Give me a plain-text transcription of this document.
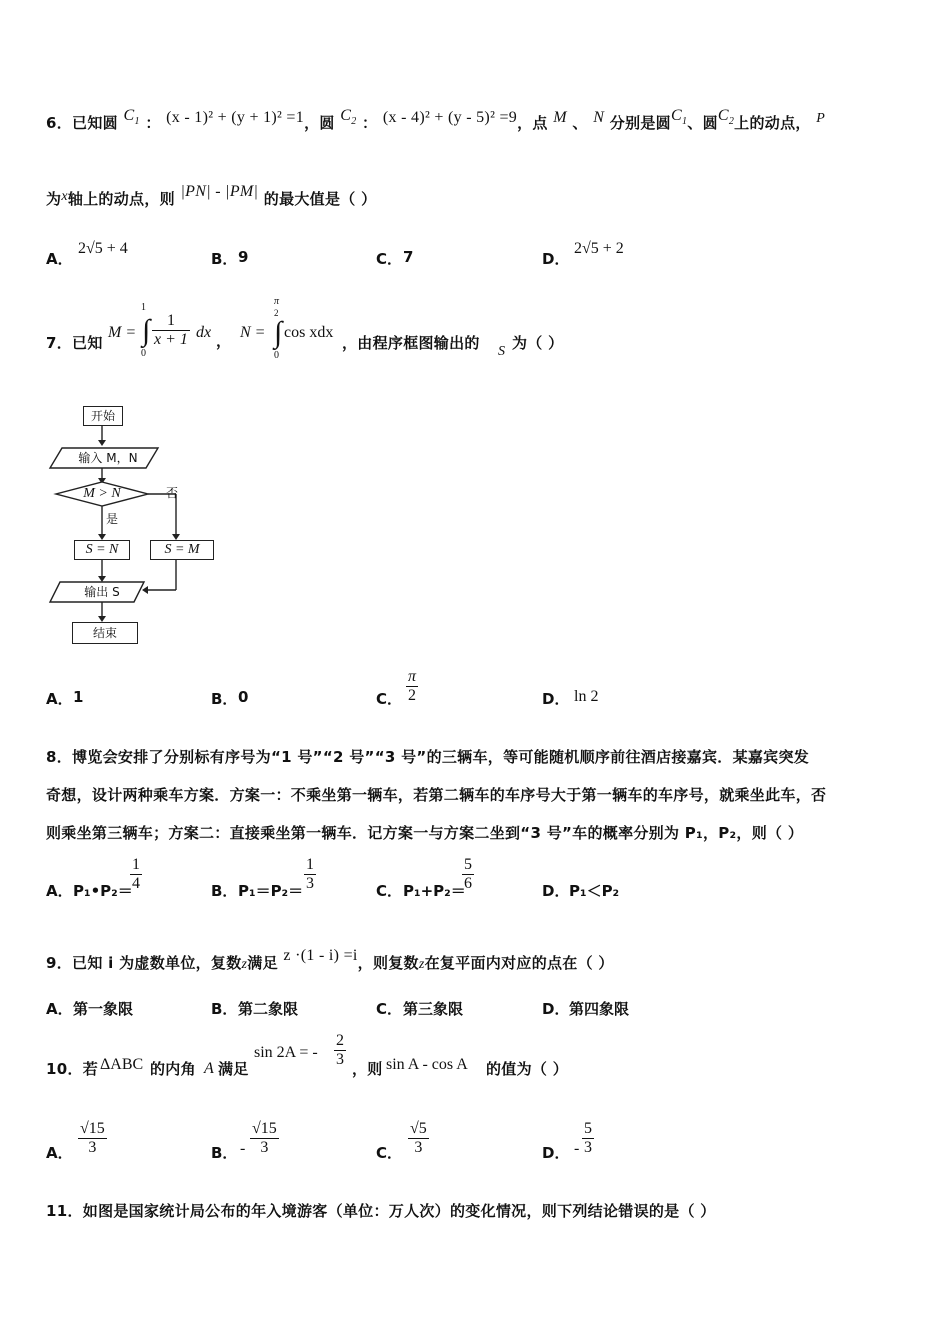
6．已知圆 $C_1$ ： (x - 1)² + (y + 1)² =1，圆 $C_2$ ： (x - 4)² + (y - 5)² =9，点 M 、 N 分别是圆$C_1$、圆$C_2$上的动点， P
为x轴上的动点，则 |PN| - |PM| 的最大值是（ ）
A．
2√5 + 4
B． 9	C． 7	D．
2√5 + 2
7．已知
M =
1
∫
0
$\frac{1}{x + 1}$ dx ， N =
π
2
∫
0
cos xdx
，由程序框图输出的 S 为（ ）
开始
输入 M，N
M > N	否
是
S = N	S = M
输出 S
结束
A． 1	B． 0	C． $\frac{\pi}{2}$	D． ln 2
8．博览会安排了分别标有序号为“1 号”“2 号”“3 号”的三辆车，等可能随机顺序前往酒店接嘉宾．某嘉宾突发
奇想，设计两种乘车方案．方案一：不乘坐第一辆车，若第二辆车的车序号大于第一辆车的车序号，就乘坐此车，否
则乘坐第三辆车；方案二：直接乘坐第一辆车．记方案一与方案二坐到“3 号”车的概率分别为 P₁，P₂，则（ ）
A． P₁•P₂＝
$\frac{1}{4}$	B． $P_1=P_2= \frac{1}{3}$	C． P₁+P₂＝
$\frac{5}{6}$	D． P₁＜P₂
9．已知 i 为虚数单位，复数z满足 z ·(1 - i) =i，则复数z在复平面内对应的点在（ ）
A． 第一象限	B． 第二象限	C． 第三象限	D． 第四象限
10．若 ΔABC 的内角 A 满足
sin 2A = - $\frac{2}{3}$ ，则 sin A - cos A 的值为（ ）
A． $\frac{√15}{3}$	B． - $\frac{√15}{3}$	C． $\frac{√5}{3}$	D． - $\frac{5}{3}$
11．如图是国家统计局公布的年入境游客（单位：万人次）的变化情况，则下列结论错误的是（ ）
